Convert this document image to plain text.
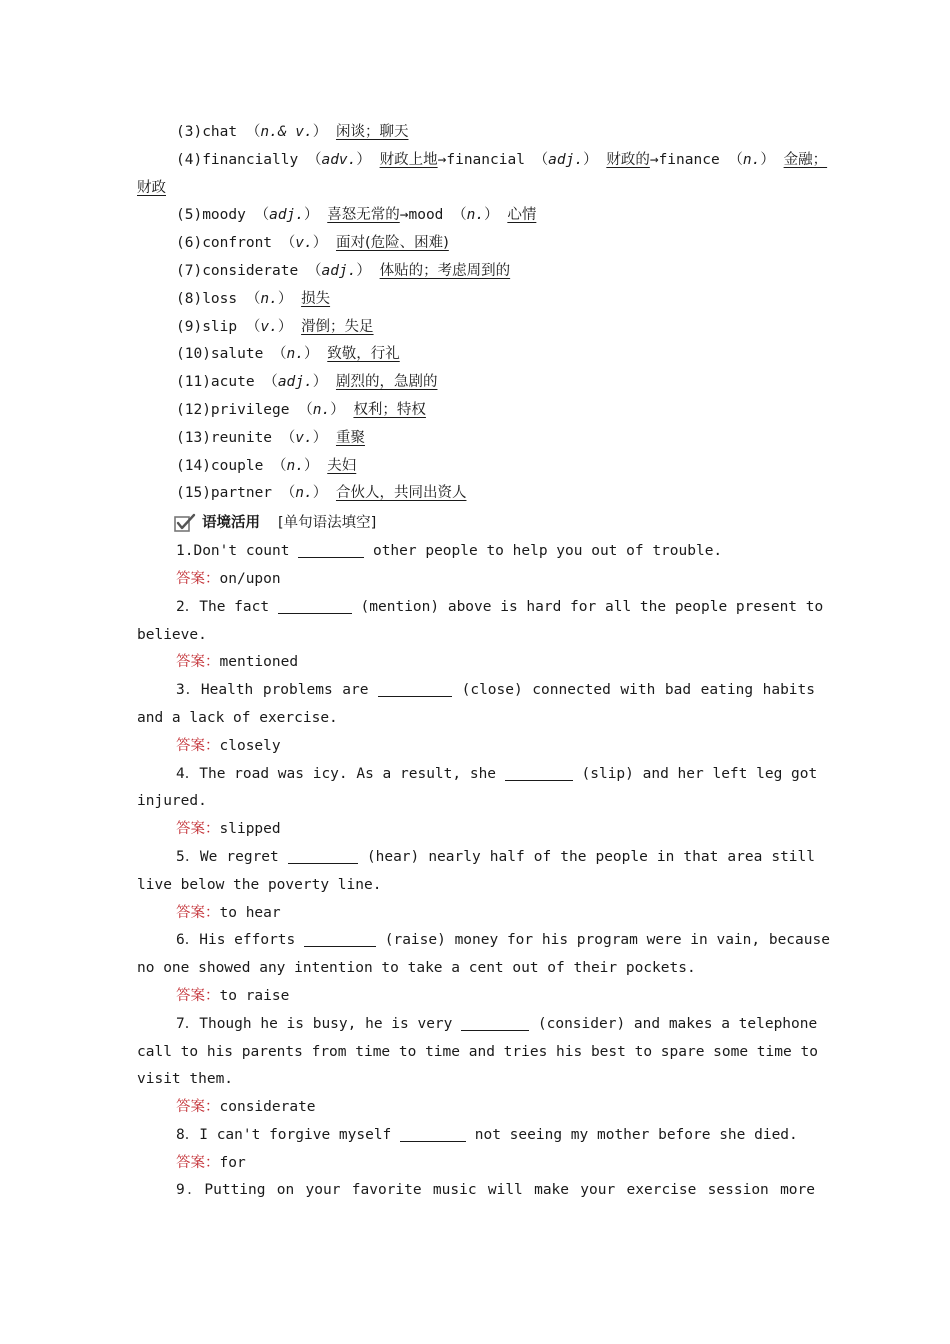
(3)chat （n.& v.） 闲谈；聊天
(4)financially （adv.） 财政上地→financial （adj.） 财政的→finance （n.） 金融；
财政
(5)moody （adj.） 喜怒无常的→mood （n.） 心情
(6)confront （v.） 面对(危险、困难)
(7)considerate （adj.） 体贴的；考虑周到的
(8)loss （n.） 损失
(9)slip （v.） 滑倒；失足
(10)salute （n.） 致敬，行礼
(11)acute （adj.） 剧烈的，急剧的
(12)privilege （n.） 权利；特权
(13)reunite （v.） 重聚
(14)couple （n.） 夫妇
(15)partner （n.） 合伙人，共同出资人
语境活用 [单句语法填空]
1.Don't count	other people to help you out of trouble.
答案：on/upon
2．The fact	(mention) above is hard for all the people present to
believe.
答案：mentioned
3．Health problems are	(close) connected with bad eating habits
and a lack of exercise.
答案：closely
4．The road was icy. As a result, she	(slip) and her left leg got
injured.
答案：slipped
5．We regret	(hear) nearly half of the people in that area still
live below the poverty line.
答案：to hear
6．His efforts	(raise) money for his program were in vain, because
no one showed any intention to take a cent out of their pockets.
答案：to raise
7．Though he is busy, he is very	(consider) and makes a telephone
call to his parents from time to time and tries his best to spare some time to
visit them.
答案：considerate
8．I can't forgive myself	not seeing my mother before she died.
答案：for
9．Putting on your favorite music will make your exercise session more
